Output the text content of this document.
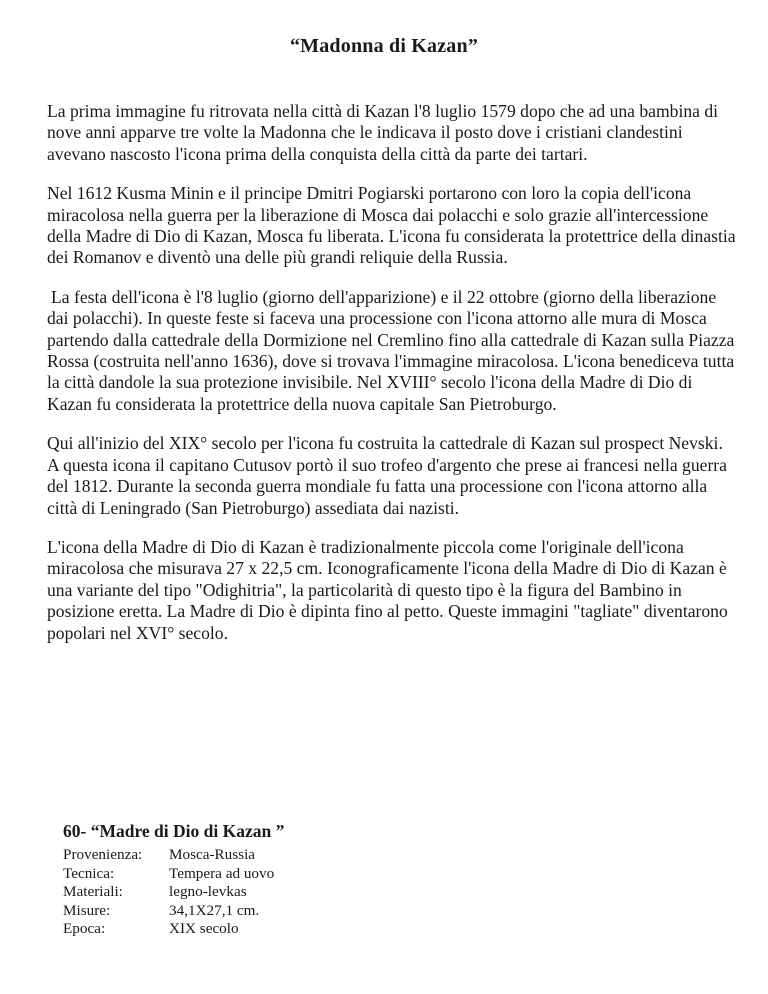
“Madonna di Kazan”

La prima immagine fu ritrovata nella città di Kazan l'8 luglio 1579 dopo che ad una bambina di nove anni apparve tre volte la Madonna che le indicava il posto dove i cristiani clandestini avevano nascosto l'icona prima della conquista della città da parte dei tartari.

Nel 1612 Kusma Minin e il principe Dmitri Pogiarski portarono con loro la copia dell'icona miracolosa nella guerra per la liberazione di Mosca dai polacchi e solo grazie all'intercessione della Madre di Dio di Kazan, Mosca fu liberata. L'icona fu considerata la protettrice della dinastia dei Romanov e diventò una delle più grandi reliquie della Russia.

La festa dell'icona è l'8 luglio (giorno dell'apparizione) e il 22 ottobre (giorno della liberazione dai polacchi). In queste feste si faceva una processione con l'icona attorno alle mura di Mosca partendo dalla cattedrale della Dormizione nel Cremlino fino alla cattedrale di Kazan sulla Piazza Rossa (costruita nell'anno 1636), dove si trovava l'immagine miracolosa. L'icona benediceva tutta la città dandole la sua protezione invisibile. Nel XVIII° secolo l'icona della Madre di Dio di Kazan fu considerata la protettrice della nuova capitale San Pietroburgo.

Qui all'inizio del XIX° secolo per l'icona fu costruita la cattedrale di Kazan sul prospect Nevski. A questa icona il capitano Cutusov portò il suo trofeo d'argento che prese ai francesi nella guerra del 1812. Durante la seconda guerra mondiale fu fatta una processione con l'icona attorno alla città di Leningrado (San Pietroburgo) assediata dai nazisti.

L'icona della Madre di Dio di Kazan è tradizionalmente piccola come l'originale dell'icona miracolosa che misurava 27 x 22,5 cm. Iconograficamente l'icona della Madre di Dio di Kazan è una variante del tipo "Odighitria", la particolarità di questo tipo è la figura del Bambino in posizione eretta. La Madre di Dio è dipinta fino al petto. Queste immagini "tagliate" diventarono popolari nel XVI° secolo.

60- “Madre di Dio di Kazan ”
Provenienza:	Mosca-Russia
Tecnica:	Tempera ad uovo
Materiali:	legno-levkas
Misure:	34,1X27,1 cm.
Epoca:	XIX secolo
